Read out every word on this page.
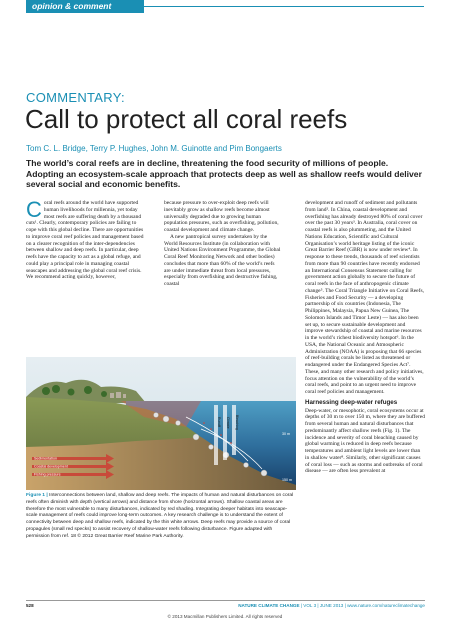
opinion & comment
COMMENTARY:
Call to protect all coral reefs
Tom C. L. Bridge, Terry P. Hughes, John M. Guinotte and Pim Bongaerts
The world’s coral reefs are in decline, threatening the food security of millions of people. Adopting an ecosystem-scale approach that protects deep as well as shallow reefs would deliver several social and economic benefits.

Coral reefs around the world have supported human livelihoods for millennia, yet today most reefs are suffering death by a thousand cuts¹. Clearly, contemporary policies are failing to cope with this global decline. There are opportunities to improve coral reef policies and management based on a clearer recognition of the inter-dependencies between shallow and deep reefs. In particular, deep reefs have the capacity to act as a global refuge, and could play a principal role in managing coastal seascapes and addressing the global coral reef crisis. We recommend acting quickly, however,

because pressure to over-exploit deep reefs will inevitably grow as shallow reefs become almost universally degraded due to growing human population pressures, such as overfishing, pollution, coastal development and climate change.

A new pantropical survey undertaken by the World Resources Institute (in collaboration with United Nations Environment Programme, the Global Coral Reef Monitoring Network and other bodies) concludes that more than 60% of the world’s reefs are under immediate threat from local pressures, especially from overfishing and destructive fishing, coastal

development and runoff of sediment and pollutants from land². In China, coastal development and overfishing has already destroyed 80% of coral cover over the past 30 years³. In Australia, coral cover on coastal reefs is also plummeting, and the United Nations Education, Scientific and Cultural Organisation’s world heritage listing of the iconic Great Barrier Reef (GBR) is now under review⁴. In response to these trends, thousands of reef scientists from more than 90 countries have recently endorsed an International Consensus Statement calling for government action globally to secure the future of coral reefs in the face of anthropogenic climate change⁵. The Coral Triangle Initiative on Coral Reefs, Fisheries and Food Security — a developing partnership of six countries (Indonesia, The Philippines, Malaysia, Papua New Guinea, The Solomon Islands and Timor Leste) — has also been set up, to secure sustainable development and improve stewardship of coastal and marine resources in the world’s richest biodiversity hotspot⁶. In the USA, the National Oceanic and Atmospheric Administration (NOAA) is proposing that 66 species of reef-building corals be listed as threatened or endangered under the Endangered Species Act⁷. These, and many other research and policy initiatives, focus attention on the vulnerability of the world’s coral reefs, and point to an urgent need to improve coral reef policies and management.

Harnessing deep-water refuges

Deep-water, or mesophotic, coral ecosystems occur at depths of 30 m to over 150 m, where they are buffered from several human and natural disturbances that predominantly affect shallow reefs (Fig. 1). The incidence and severity of coral bleaching caused by global warming is reduced in deep reefs because temperatures and ambient light levels are lower than in shallow water⁸. Similarly, other significant causes of coral loss — such as storms and outbreaks of coral disease — are often less prevalent at

Sedimentation
Coastal development
Fishing pressure
Runoff Climate Bleaching
30 m
150 m
Figure 1 | Interconnections between land, shallow and deep reefs. The impacts of human and natural disturbances on coral reefs often diminish with depth (vertical arrows) and distance from shore (horizontal arrows). Shallow coastal areas are therefore the most vulnerable to many disturbances, indicated by red shading. Integrating deeper habitats into seascape-scale management of reefs could improve long-term outcomes. A key research challenge is to understand the extent of connectivity between deep and shallow reefs, indicated by the thin white arrows. Deep reefs may provide a source of coral propagules (small red specks) to assist recovery of shallow-water reefs following disturbance. Figure adapted with permission from ref. 18 © 2012 Great Barrier Reef Marine Park Authority.
528	NATURE CLIMATE CHANGE | VOL 3 | JUNE 2013 | www.nature.com/natureclimatechange
© 2013 Macmillan Publishers Limited. All rights reserved
